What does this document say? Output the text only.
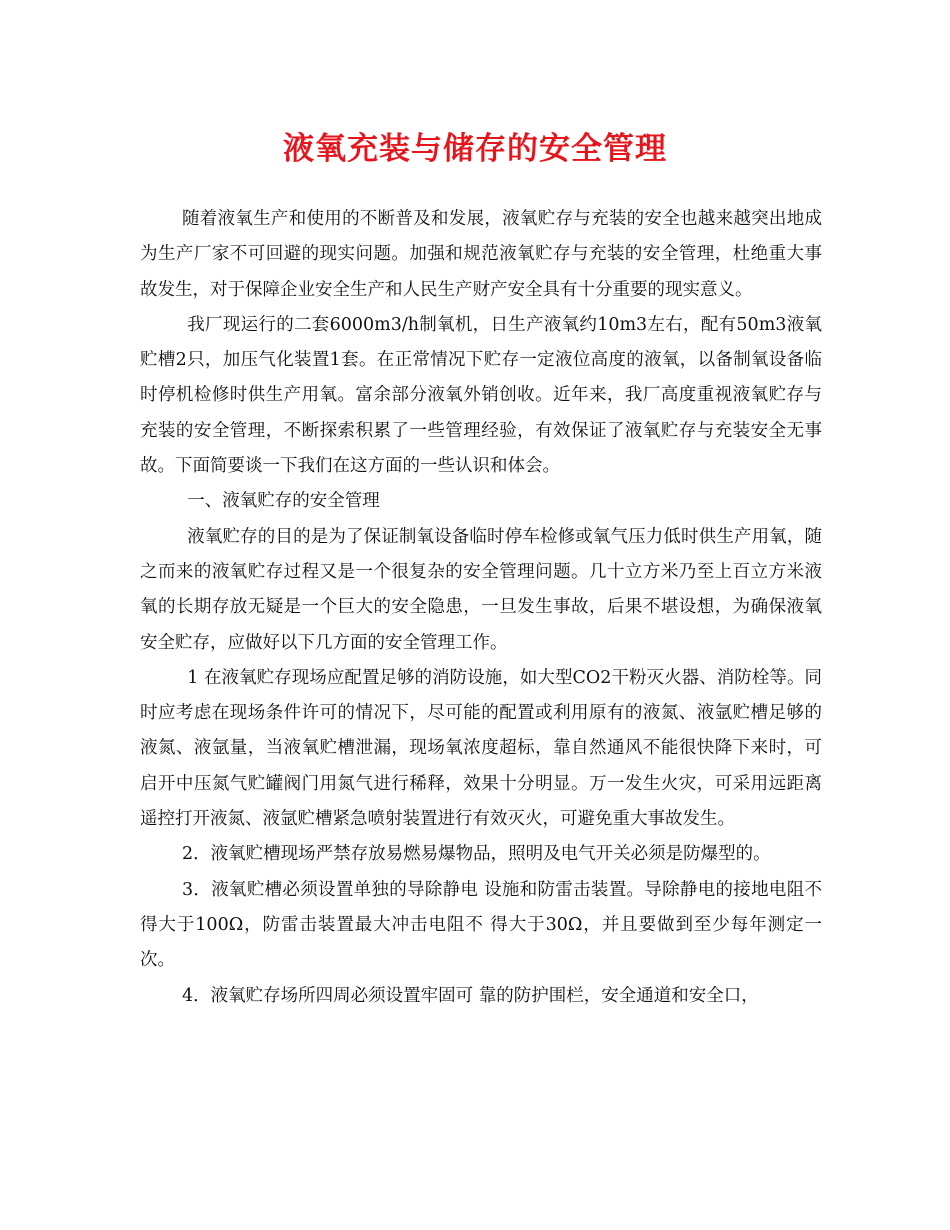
液氧充装与储存的安全管理

随着液氧生产和使用的不断普及和发展，液氧贮存与充装的安全也越来越突出地成为生产厂家不可回避的现实问题。加强和规范液氧贮存与充装的安全管理，杜绝重大事故发生，对于保障企业安全生产和人民生产财产安全具有十分重要的现实意义。

我厂现运行的二套6000m3/h制氧机，日生产液氧约10m3左右，配有50m3液氧贮槽2只，加压气化装置1套。在正常情况下贮存一定液位高度的液氧，以备制氧设备临时停机检修时供生产用氧。富余部分液氧外销创收。近年来，我厂高度重视液氧贮存与充装的安全管理，不断探索积累了一些管理经验，有效保证了液氧贮存与充装安全无事故。下面简要谈一下我们在这方面的一些认识和体会。

一、液氧贮存的安全管理

液氧贮存的目的是为了保证制氧设备临时停车检修或氧气压力低时供生产用氧，随之而来的液氧贮存过程又是一个很复杂的安全管理问题。几十立方米乃至上百立方米液氧的长期存放无疑是一个巨大的安全隐患，一旦发生事故，后果不堪设想，为确保液氧安全贮存，应做好以下几方面的安全管理工作。

1 在液氧贮存现场应配置足够的消防设施，如大型CO2干粉灭火器、消防栓等。同时应考虑在现场条件许可的情况下，尽可能的配置或利用原有的液氮、液氩贮槽足够的液氮、液氩量，当液氧贮槽泄漏，现场氧浓度超标，靠自然通风不能很快降下来时，可启开中压氮气贮罐阀门用氮气进行稀释，效果十分明显。万一发生火灾，可采用远距离遥控打开液氮、液氩贮槽紧急喷射装置进行有效灭火，可避免重大事故发生。

2．液氧贮槽现场严禁存放易燃易爆物品，照明及电气开关必须是防爆型的。

3．液氧贮槽必须设置单独的导除静电 设施和防雷击装置。导除静电的接地电阻不 得大于100Ω，防雷击装置最大冲击电阻不 得大于30Ω，并且要做到至少每年测定一 次。

4．液氧贮存场所四周必须设置牢固可 靠的防护围栏，安全通道和安全口，
